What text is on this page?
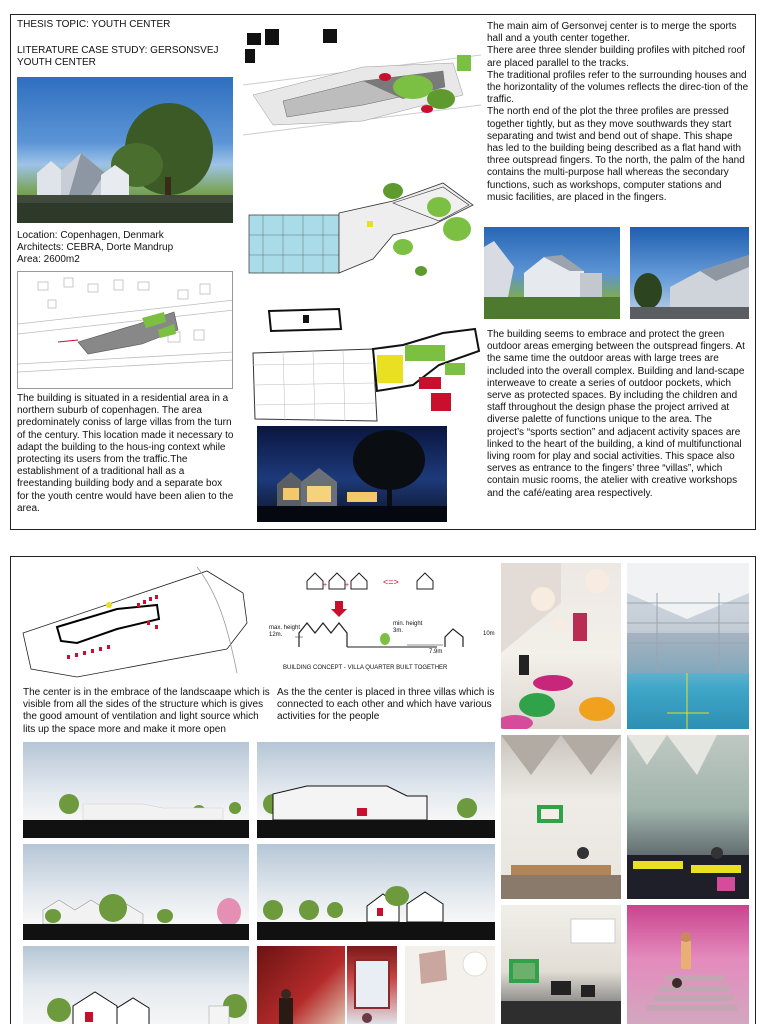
THESIS TOPIC: YOUTH CENTER
LITERATURE CASE STUDY: GERSONSVEJ YOUTH CENTER
Location: Copenhagen, Denmark
Architects: CEBRA, Dorte Mandrup
Area: 2600m2
The building is situated in a residential area in a northern suburb of copenhagen. The area predominately coniss of large villas from the turn of the century. This location made it necessary to adapt the building to the hous-ing context while protecting its users from the traffic.The establishment of a traditional hall as a freestanding building body and a separate box for the youth centre would have been alien to the area.
The main aim of Gersonvej center is to merge the sports hall and a youth center together.
There aree three slender building profiles with pitched roof are placed parallel to the tracks.
The traditional profiles refer to the surrounding houses and the horizontality of the volumes reflects the direc-tion of the traffic.
The north end of the plot the three profiles are pressed together tightly, but as they move southwards they start separating and twist and bend out of shape. This shape has led to the building being described as a flat hand with three outspread fingers. To the north, the palm of the hand contains the multi-purpose hall whereas the secondary functions, such as workshops, computer stations and music facilities, are placed in the fingers.
The building seems to embrace and protect the green outdoor areas emerging between the outspread fingers. At the same time the outdoor areas with large trees are included into the overall complex. Building and land-scape interweave to create a series of outdoor pockets, which serve as protected spaces. By including the children and staff throughout the design phase the project arrived at diverse palette of functions unique to the area. The project’s “sports section” and adjacent activity spaces are linked to the heart of the building, a kind of multifunctional living room for play and social activities. This space also serves as entrance to the fingers’ three “villas”, which contain music rooms, the atelier with creative workshops and the café/eating area respectively.
+	+	<=>
max. height
12m.
min. height
3m.
7.9m
10m
BUILDING CONCEPT - VILLA QUARTER BUILT TOGETHER
The center is in the embrace of the landscaape which is visible from all the sides of the structure which is gives the good amount of ventilation and light source which lits up the space more and make it more open
As the the center is placed in three villas which is connected to each other and which have various activities for the people
